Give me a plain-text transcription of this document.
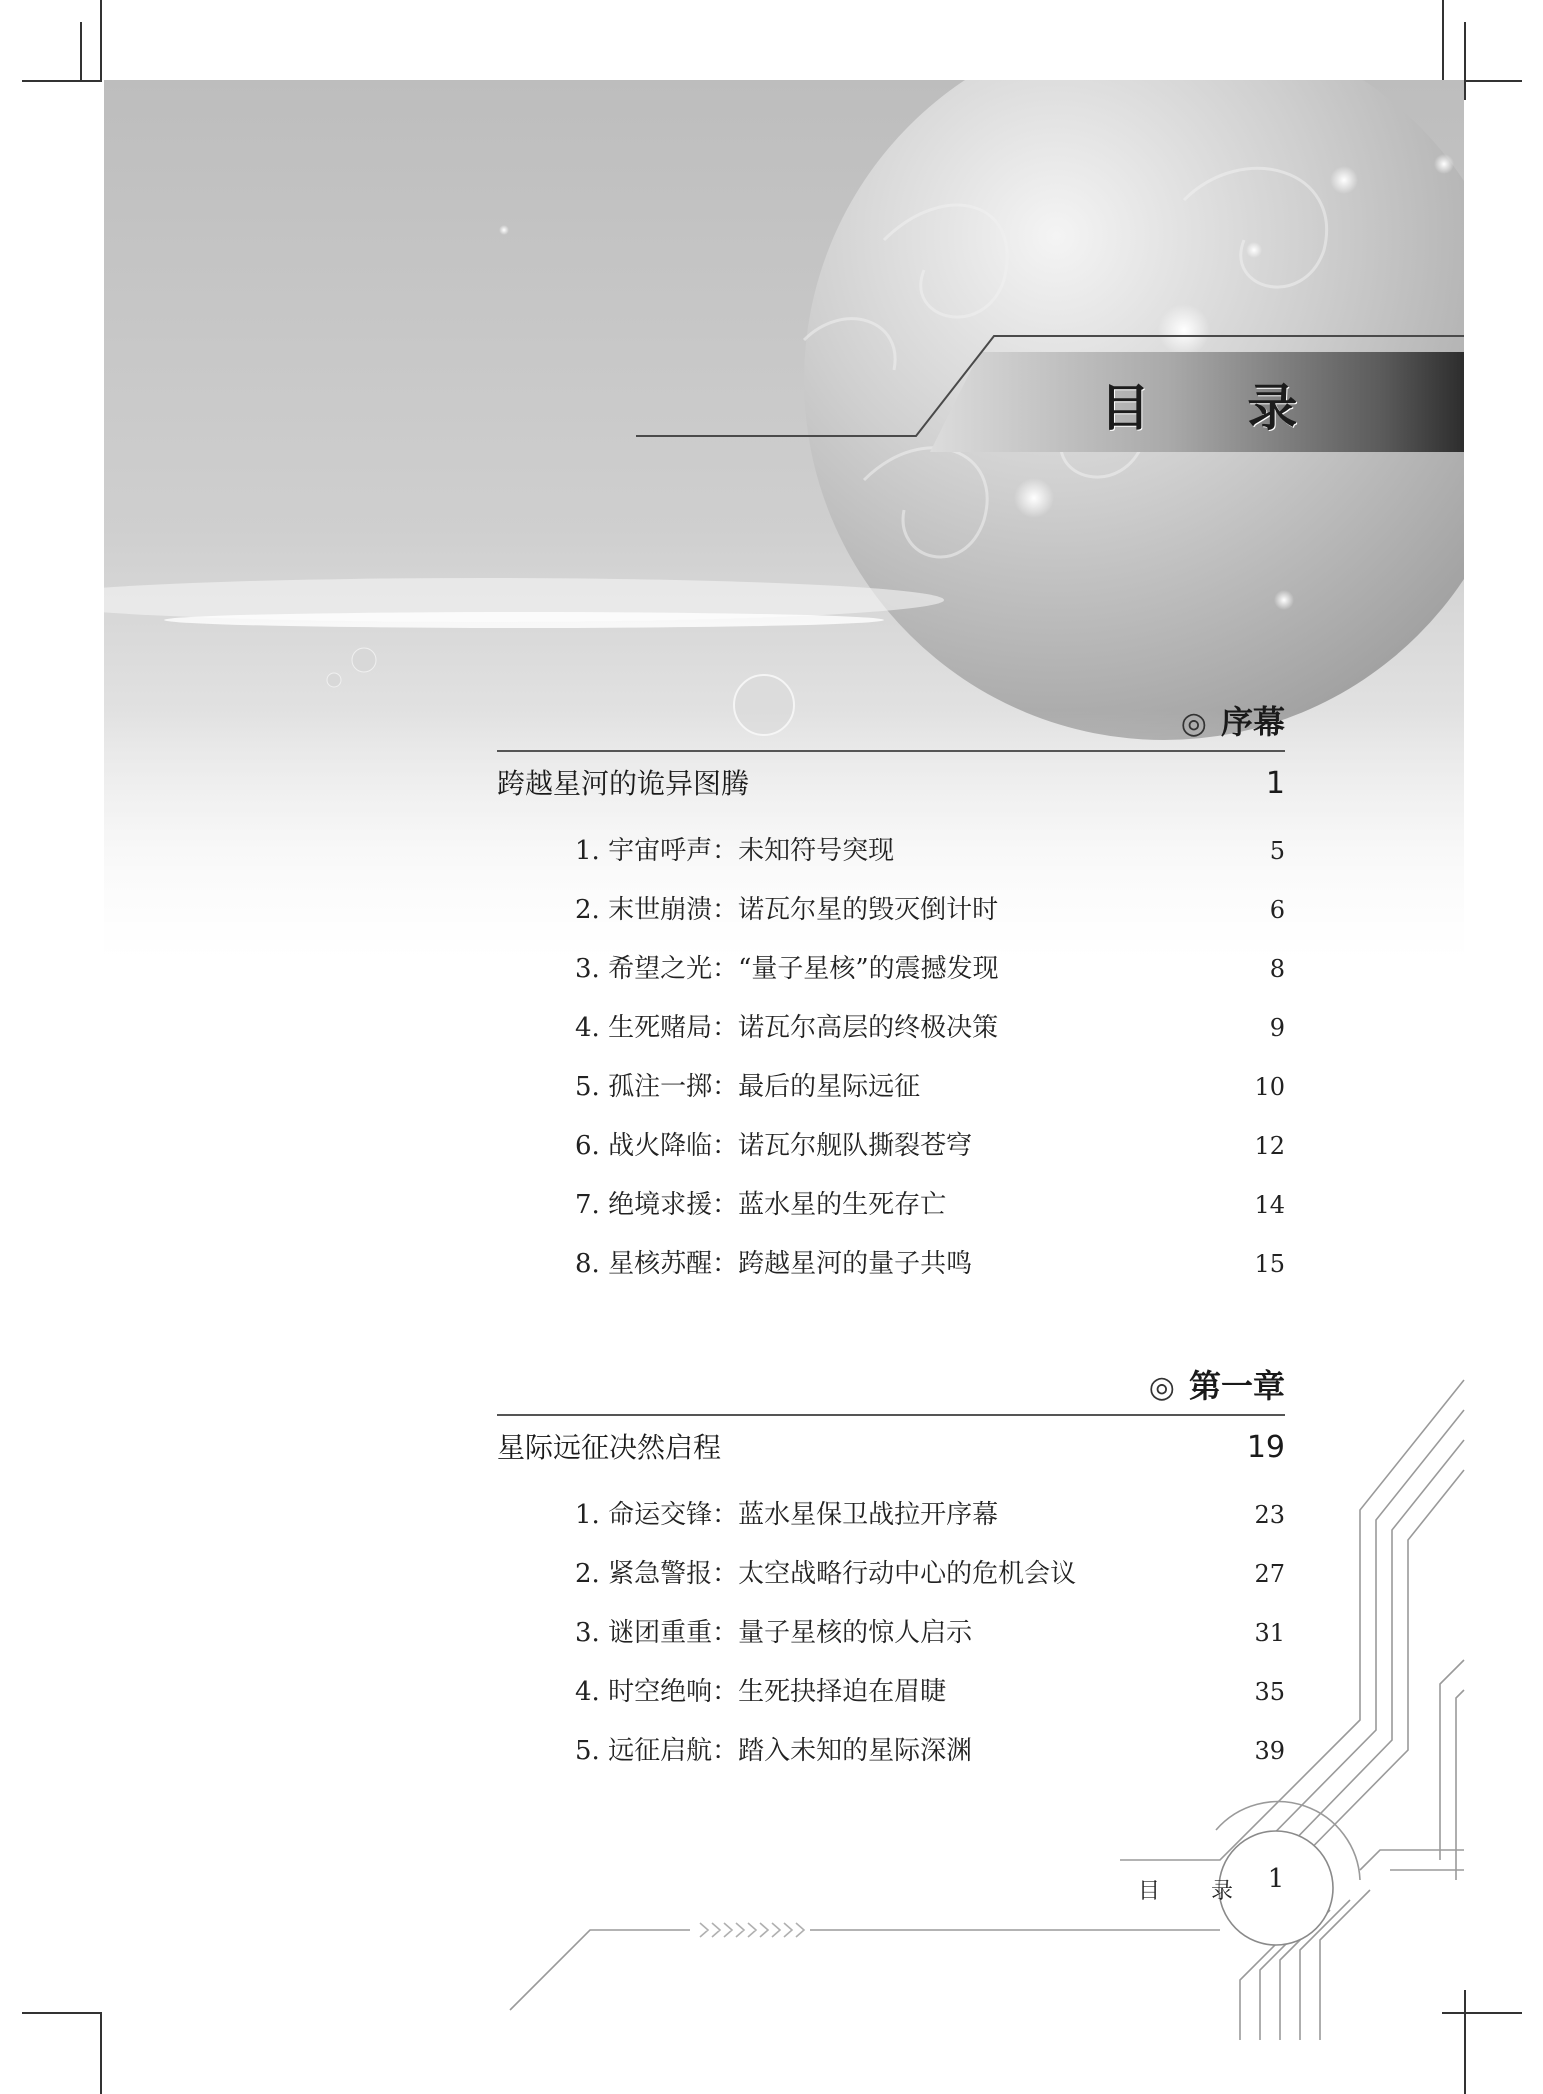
目 录
◎ 序幕
跨越星河的诡异图腾	1
1. 宇宙呼声：未知符号突现	5
2. 末世崩溃：诺瓦尔星的毁灭倒计时	6
3. 希望之光：“量子星核”的震撼发现	8
4. 生死赌局：诺瓦尔高层的终极决策	9
5. 孤注一掷：最后的星际远征	10
6. 战火降临：诺瓦尔舰队撕裂苍穹	12
7. 绝境求援：蓝水星的生死存亡	14
8. 星核苏醒：跨越星河的量子共鸣	15
◎ 第一章
星际远征决然启程	19
1. 命运交锋：蓝水星保卫战拉开序幕	23
2. 紧急警报：太空战略行动中心的危机会议	27
3. 谜团重重：量子星核的惊人启示	31
4. 时空绝响：生死抉择迫在眉睫	35
5. 远征启航：踏入未知的星际深渊	39
目 录 1
